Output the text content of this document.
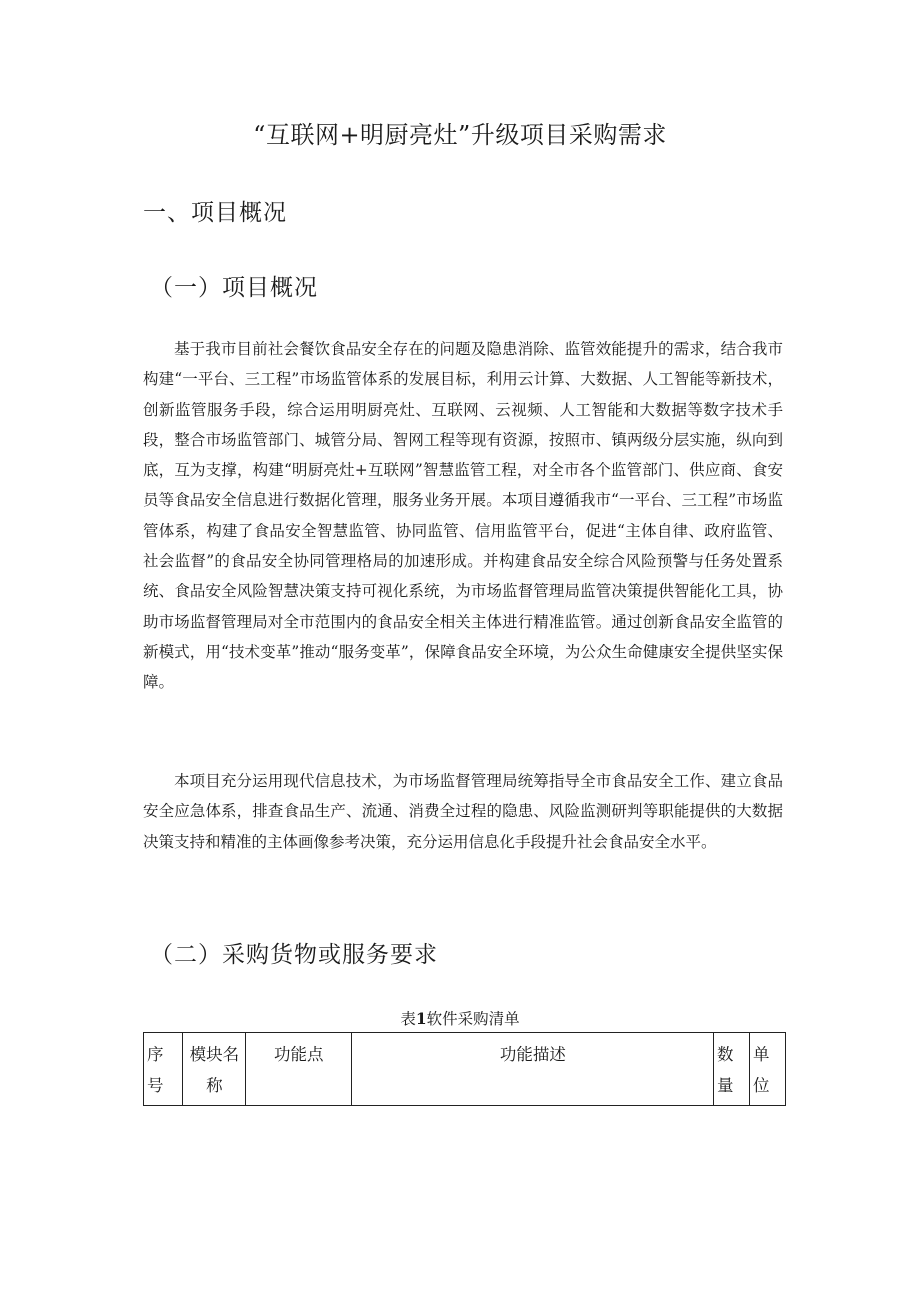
“互联网+明厨亮灶”升级项目采购需求
一、项目概况
（一）项目概况

基于我市目前社会餐饮食品安全存在的问题及隐患消除、监管效能提升的需求，结合我市构建“一平台、三工程”市场监管体系的发展目标，利用云计算、大数据、人工智能等新技术，创新监管服务手段，综合运用明厨亮灶、互联网、云视频、人工智能和大数据等数字技术手段，整合市场监管部门、城管分局、智网工程等现有资源，按照市、镇两级分层实施，纵向到底，互为支撑，构建“明厨亮灶+互联网”智慧监管工程，对全市各个监管部门、供应商、食安员等食品安全信息进行数据化管理，服务业务开展。本项目遵循我市“一平台、三工程”市场监管体系，构建了食品安全智慧监管、协同监管、信用监管平台，促进“主体自律、政府监管、社会监督”的食品安全协同管理格局的加速形成。并构建食品安全综合风险预警与任务处置系统、食品安全风险智慧决策支持可视化系统，为市场监督管理局监管决策提供智能化工具，协助市场监督管理局对全市范围内的食品安全相关主体进行精准监管。通过创新食品安全监管的新模式，用“技术变革”推动“服务变革”，保障食品安全环境，为公众生命健康安全提供坚实保障。

本项目充分运用现代信息技术，为市场监督管理局统筹指导全市食品安全工作、建立食品安全应急体系，排查食品生产、流通、消费全过程的隐患、风险监测研判等职能提供的大数据决策支持和精准的主体画像参考决策，充分运用信息化手段提升社会食品安全水平。

（二）采购货物或服务要求
表1软件采购清单
序号	模块名称	功能点	功能描述	数量	单位
